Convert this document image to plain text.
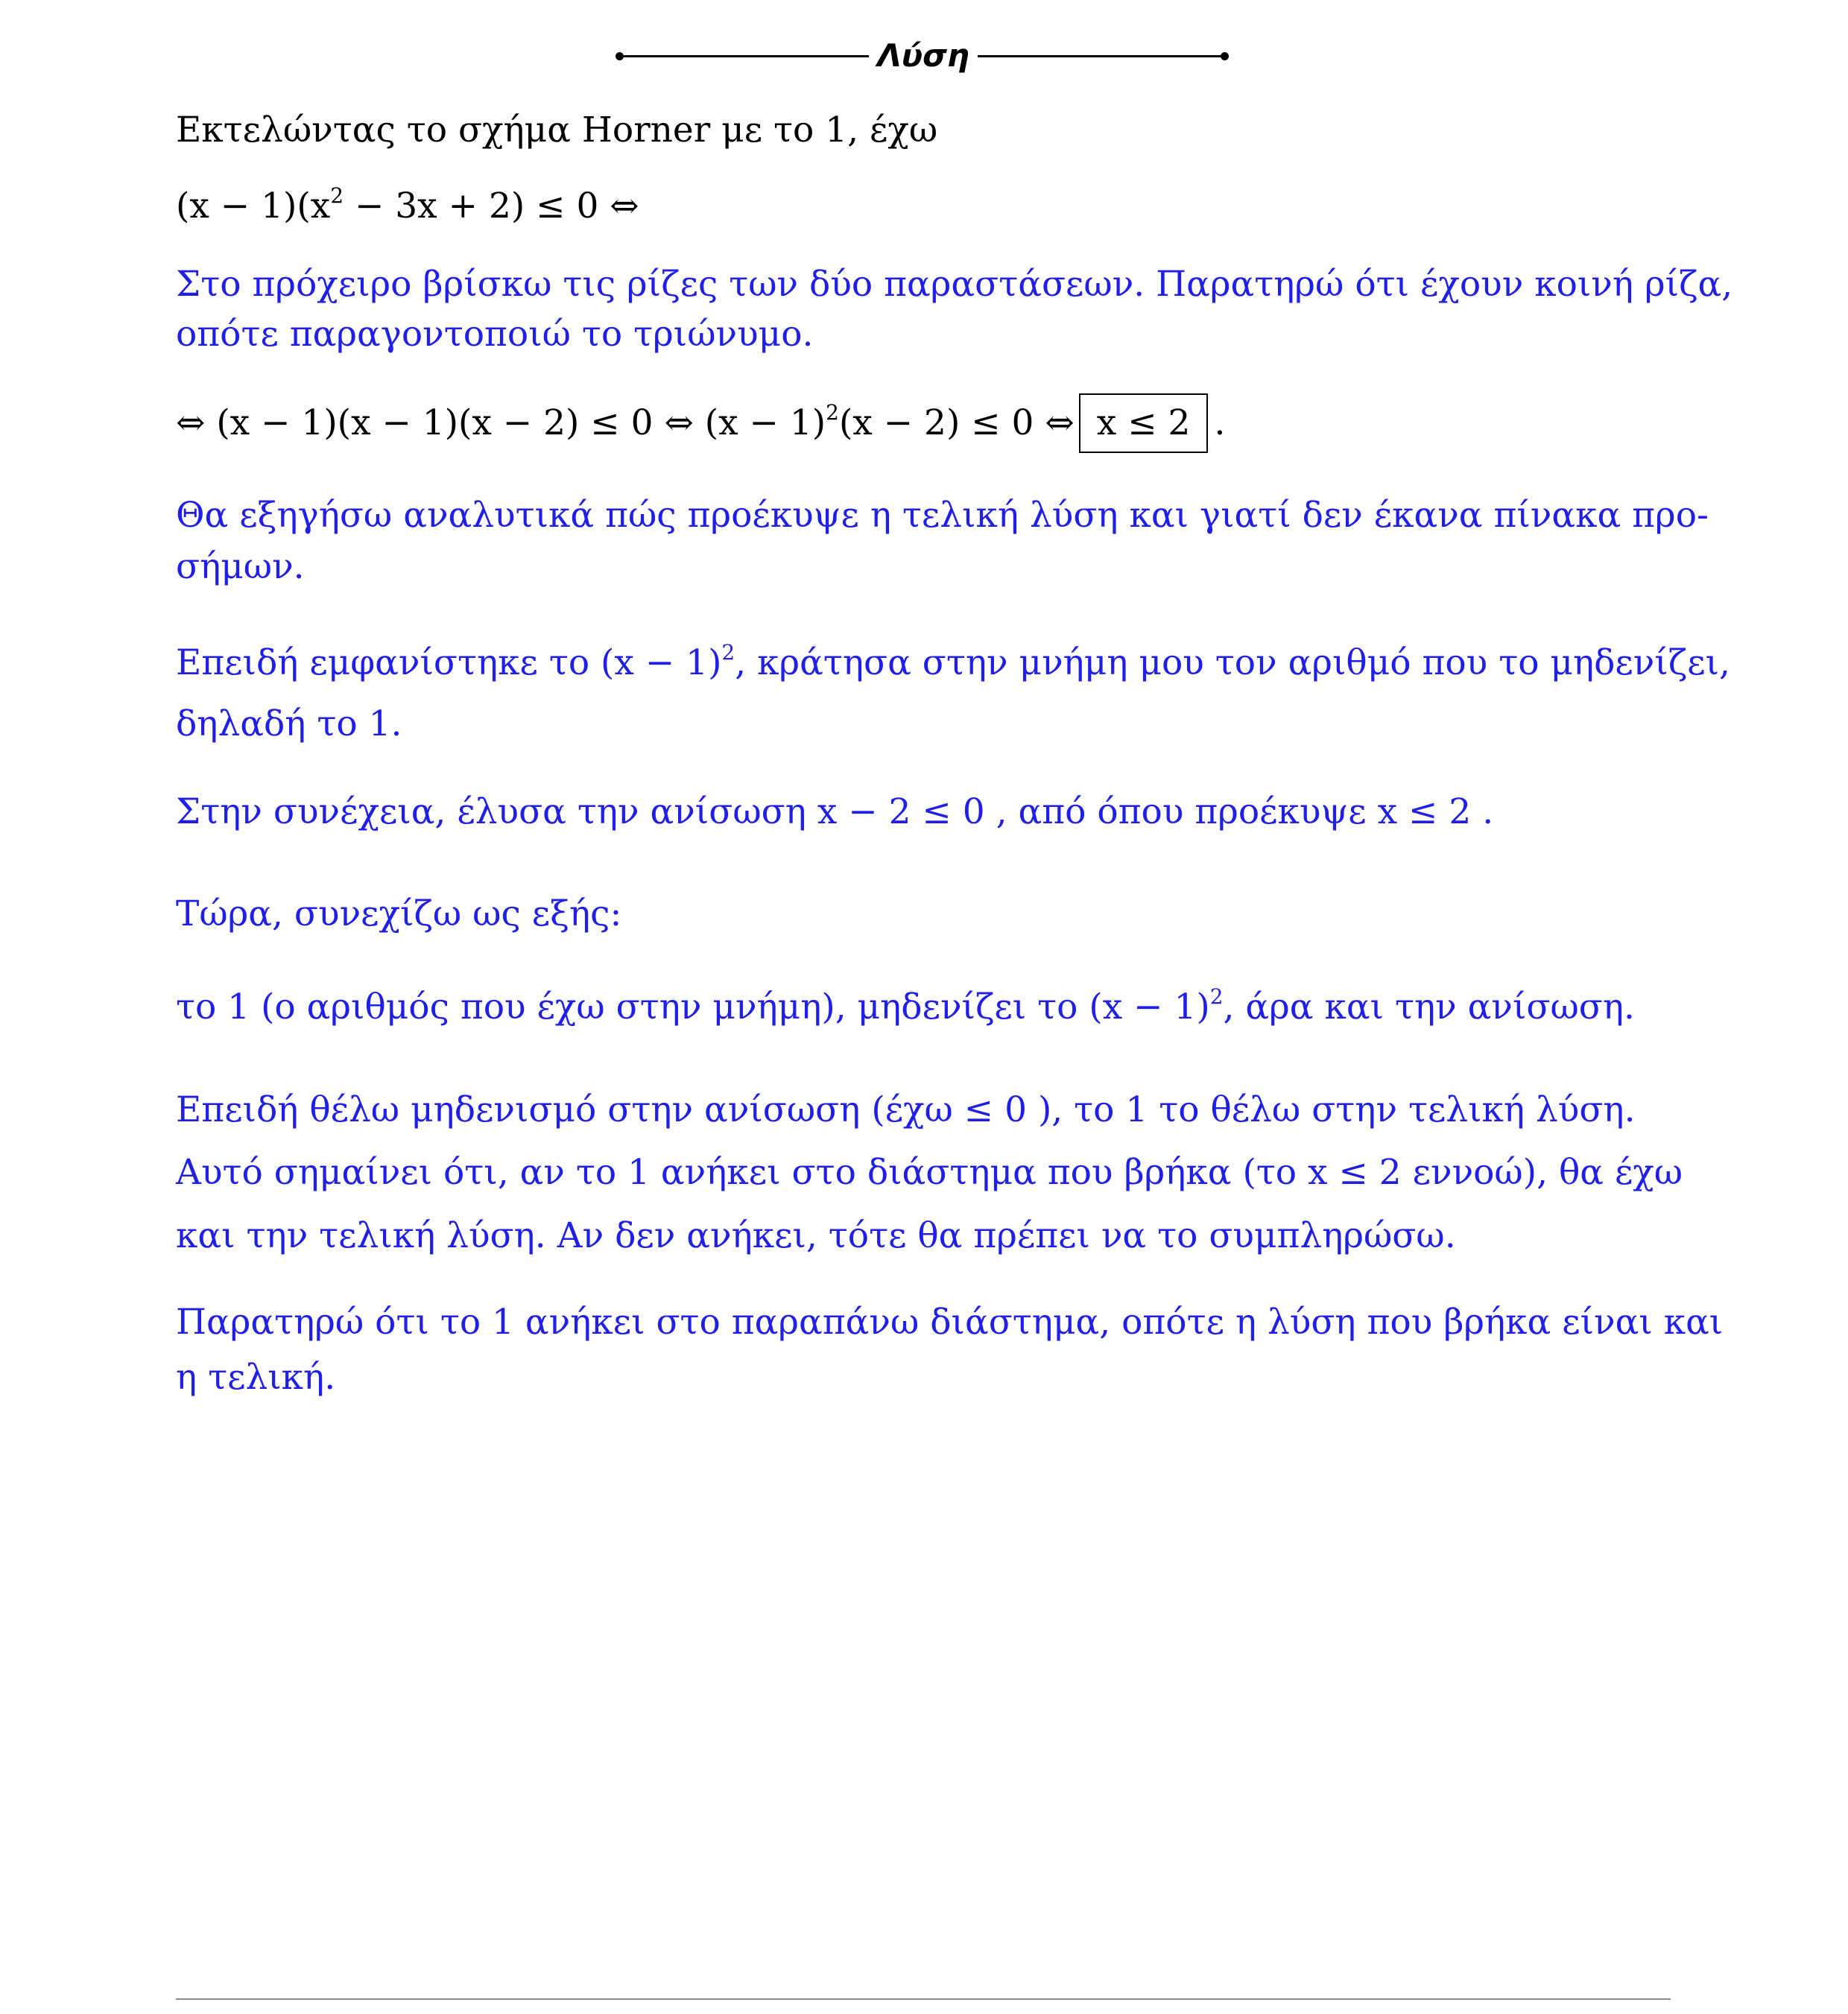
Λύση
Εκτελώντας το σχήμα Horner με το 1, έχω
$(x - 1)(x^2 - 3x + 2) \le 0$ ⇔
Στο πρόχειρο βρίσκω τις ρίζες των δύο παραστάσεων. Παρατηρώ ότι έχουν κοινή ρίζα,
οπότε παραγοντοποιώ το τριώνυμο.
⇔ (x − 1)(x − 1)(x − 2) ≤ 0 ⇔ $(x - 1)^2(x - 2) \le 0$ ⇔ x ≤ 2 .
Θα εξηγήσω αναλυτικά πώς προέκυψε η τελική λύση και γιατί δεν έκανα πίνακα προ-
σήμων.
Επειδή εμφανίστηκε το $(x - 1)^2$, κράτησα στην μνήμη μου τον αριθμό που το μηδενίζει,
δηλαδή το 1.
Στην συνέχεια, έλυσα την ανίσωση x − 2 ≤ 0 , από όπου προέκυψε x ≤ 2 .
Τώρα, συνεχίζω ως εξής:
το 1 (ο αριθμός που έχω στην μνήμη), μηδενίζει το $(x - 1)^2$, άρα και την ανίσωση.
Επειδή θέλω μηδενισμό στην ανίσωση (έχω ≤ 0 ), το 1 το θέλω στην τελική λύση.
Αυτό σημαίνει ότι, αν το 1 ανήκει στο διάστημα που βρήκα (το x ≤ 2 εννοώ), θα έχω
και την τελική λύση. Αν δεν ανήκει, τότε θα πρέπει να το συμπληρώσω.
Παρατηρώ ότι το 1 ανήκει στο παραπάνω διάστημα, οπότε η λύση που βρήκα είναι και
η τελική.
